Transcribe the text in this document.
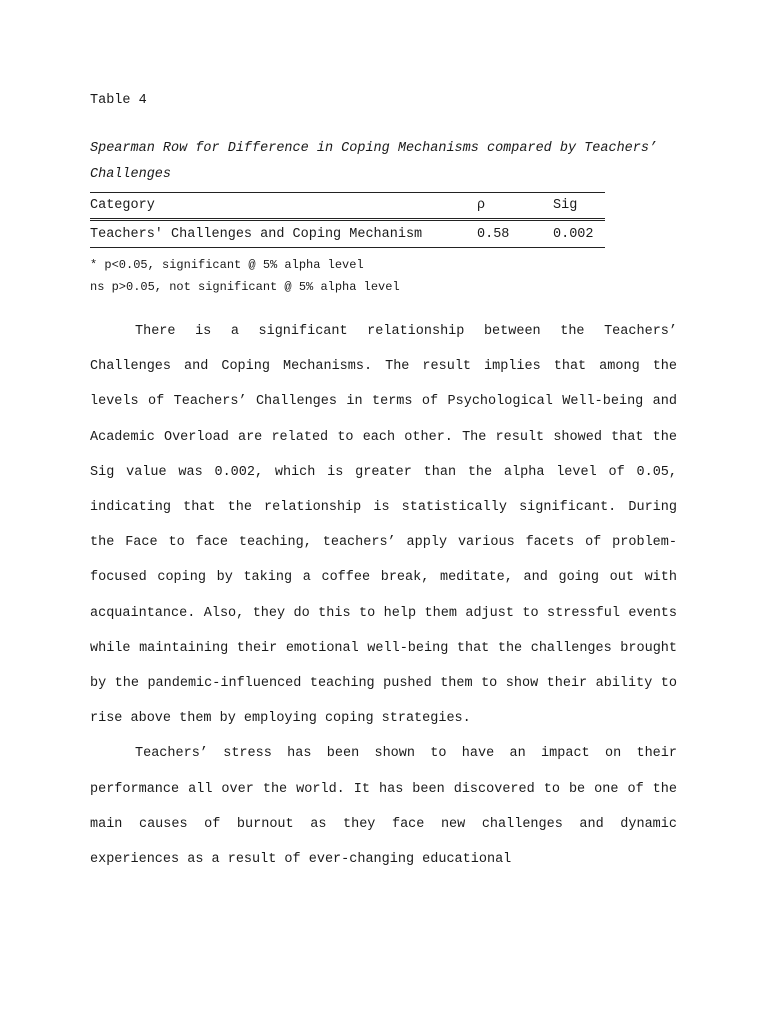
Table 4
Spearman Row for Difference in Coping Mechanisms compared by Teachers’ Challenges
Category	ρ	Sig
Teachers' Challenges and Coping Mechanism	0.58	0.002
* p<0.05, significant @ 5% alpha level
ns p>0.05, not significant @ 5% alpha level

There is a significant relationship between the Teachers’ Challenges and Coping Mechanisms. The result implies that among the levels of Teachers’ Challenges in terms of Psychological Well-being and Academic Overload are related to each other. The result showed that the Sig value was 0.002, which is greater than the alpha level of 0.05, indicating that the relationship is statistically significant. During the Face to face teaching, teachers’ apply various facets of problem-focused coping by taking a coffee break, meditate, and going out with acquaintance. Also, they do this to help them adjust to stressful events while maintaining their emotional well-being that the challenges brought by the pandemic-influenced teaching pushed them to show their ability to rise above them by employing coping strategies.

Teachers’ stress has been shown to have an impact on their performance all over the world. It has been discovered to be one of the main causes of burnout as they face new challenges and dynamic experiences as a result of ever-changing educational
